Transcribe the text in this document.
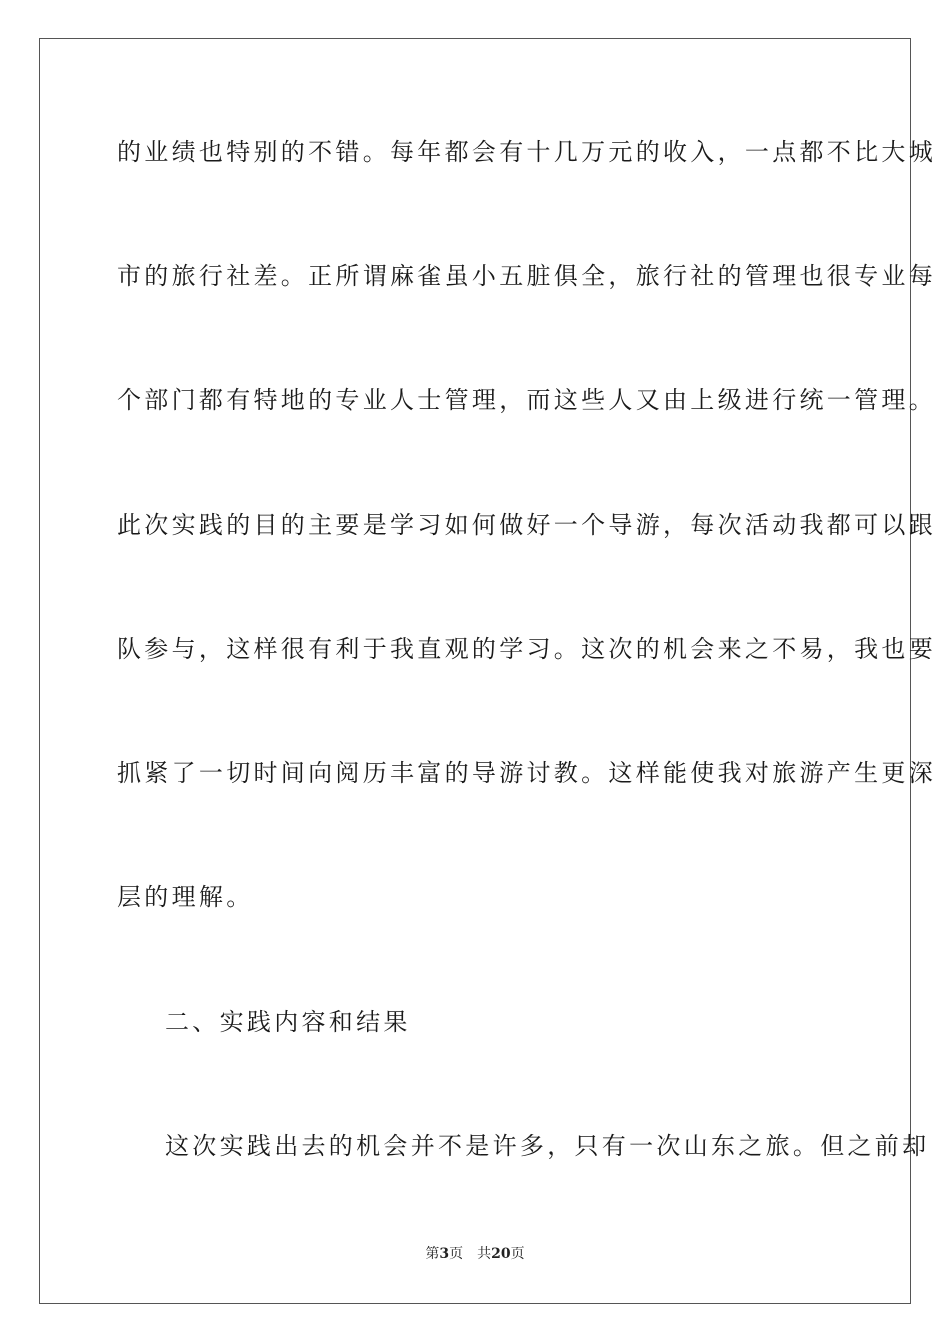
的业绩也特别的不错。每年都会有十几万元的收入，一点都不比大城
市的旅行社差。正所谓麻雀虽小五脏俱全，旅行社的管理也很专业每
个部门都有特地的专业人士管理，而这些人又由上级进行统一管理。
此次实践的目的主要是学习如何做好一个导游，每次活动我都可以跟
队参与，这样很有利于我直观的学习。这次的机会来之不易，我也要
抓紧了一切时间向阅历丰富的导游讨教。这样能使我对旅游产生更深
层的理解。
二、实践内容和结果
这次实践出去的机会并不是许多，只有一次山东之旅。但之前却
第3页 共20页
